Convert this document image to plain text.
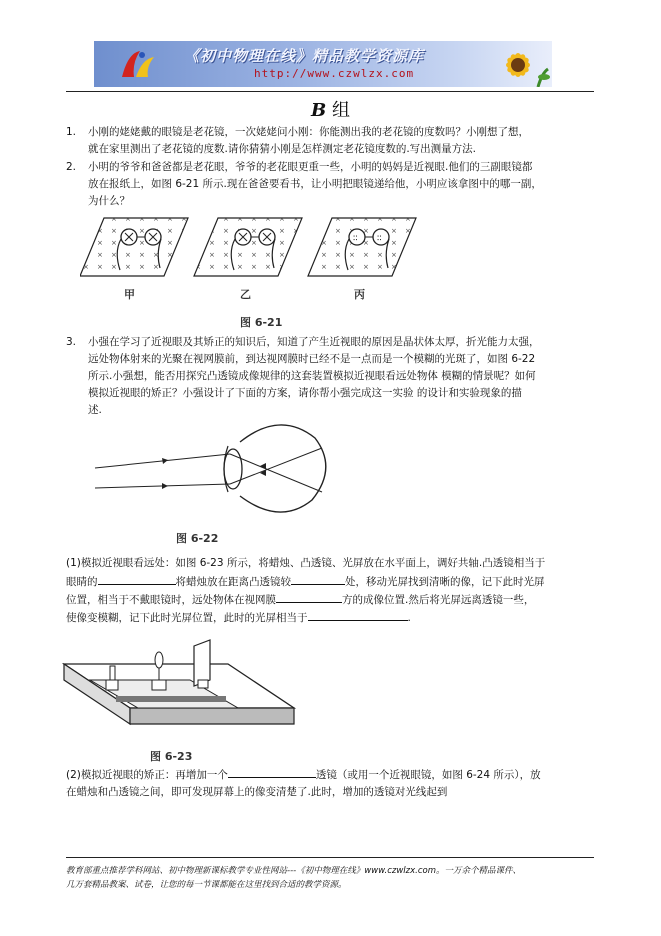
《初中物理在线》精品教学资源库
http://www.czwlzx.com
B 组
1. 小刚的姥姥戴的眼镜是老花镜，一次姥姥问小刚：你能测出我的老花镜的度数吗？小刚想了想，
就在家里测出了老花镜的度数.请你猜猜小刚是怎样测定老花镜度数的.写出测量方法.
2. 小明的爷爷和爸爸都是老花眼，爷爷的老花眼更重一些，小明的妈妈是近视眼.他们的三副眼镜都
放在报纸上，如图 6-21 所示.现在爸爸要看书，让小明把眼镜递给他，小明应该拿图中的哪一副，
为什么？
∶∶ ∶∶
甲	乙	丙
图 6-21
3. 小强在学习了近视眼及其矫正的知识后，知道了产生近视眼的原因是晶状体太厚，折光能力太强，
远处物体射来的光聚在视网膜前，到达视网膜时已经不是一点而是一个模糊的光斑了，如图 6-22
所示.小强想，能否用探究凸透镜成像规律的这套装置模拟近视眼看远处物体 模糊的情景呢？如何
模拟近视眼的矫正？小强设计了下面的方案，请你帮小强完成这一实验 的设计和实验现象的描
述.
图 6-22
(1)模拟近视眼看远处：如图 6-23 所示，将蜡烛、凸透镜、光屏放在水平面上，调好共轴.凸透镜相当于
眼睛的	将蜡烛放在距离凸透镜较	处，移动光屏找到清晰的像，记下此时光屏
位置，相当于不戴眼镜时，远处物体在视网膜	方的成像位置.然后将光屏远离透镜一些，
使像变模糊，记下此时光屏位置，此时的光屏相当于	.
图 6-23
(2)模拟近视眼的矫正：再增加一个	透镜（或用一个近视眼镜，如图 6-24 所示），放
在蜡烛和凸透镜之间，即可发现屏幕上的像变清楚了.此时，增加的透镜对光线起到
教育部重点推荐学科网站、初中物理新课标教学专业性网站---《初中物理在线》www.czwlzx.com。一万余个精品课件、
几万套精品教案、试卷，让您的每一节课都能在这里找到合适的教学资源。
